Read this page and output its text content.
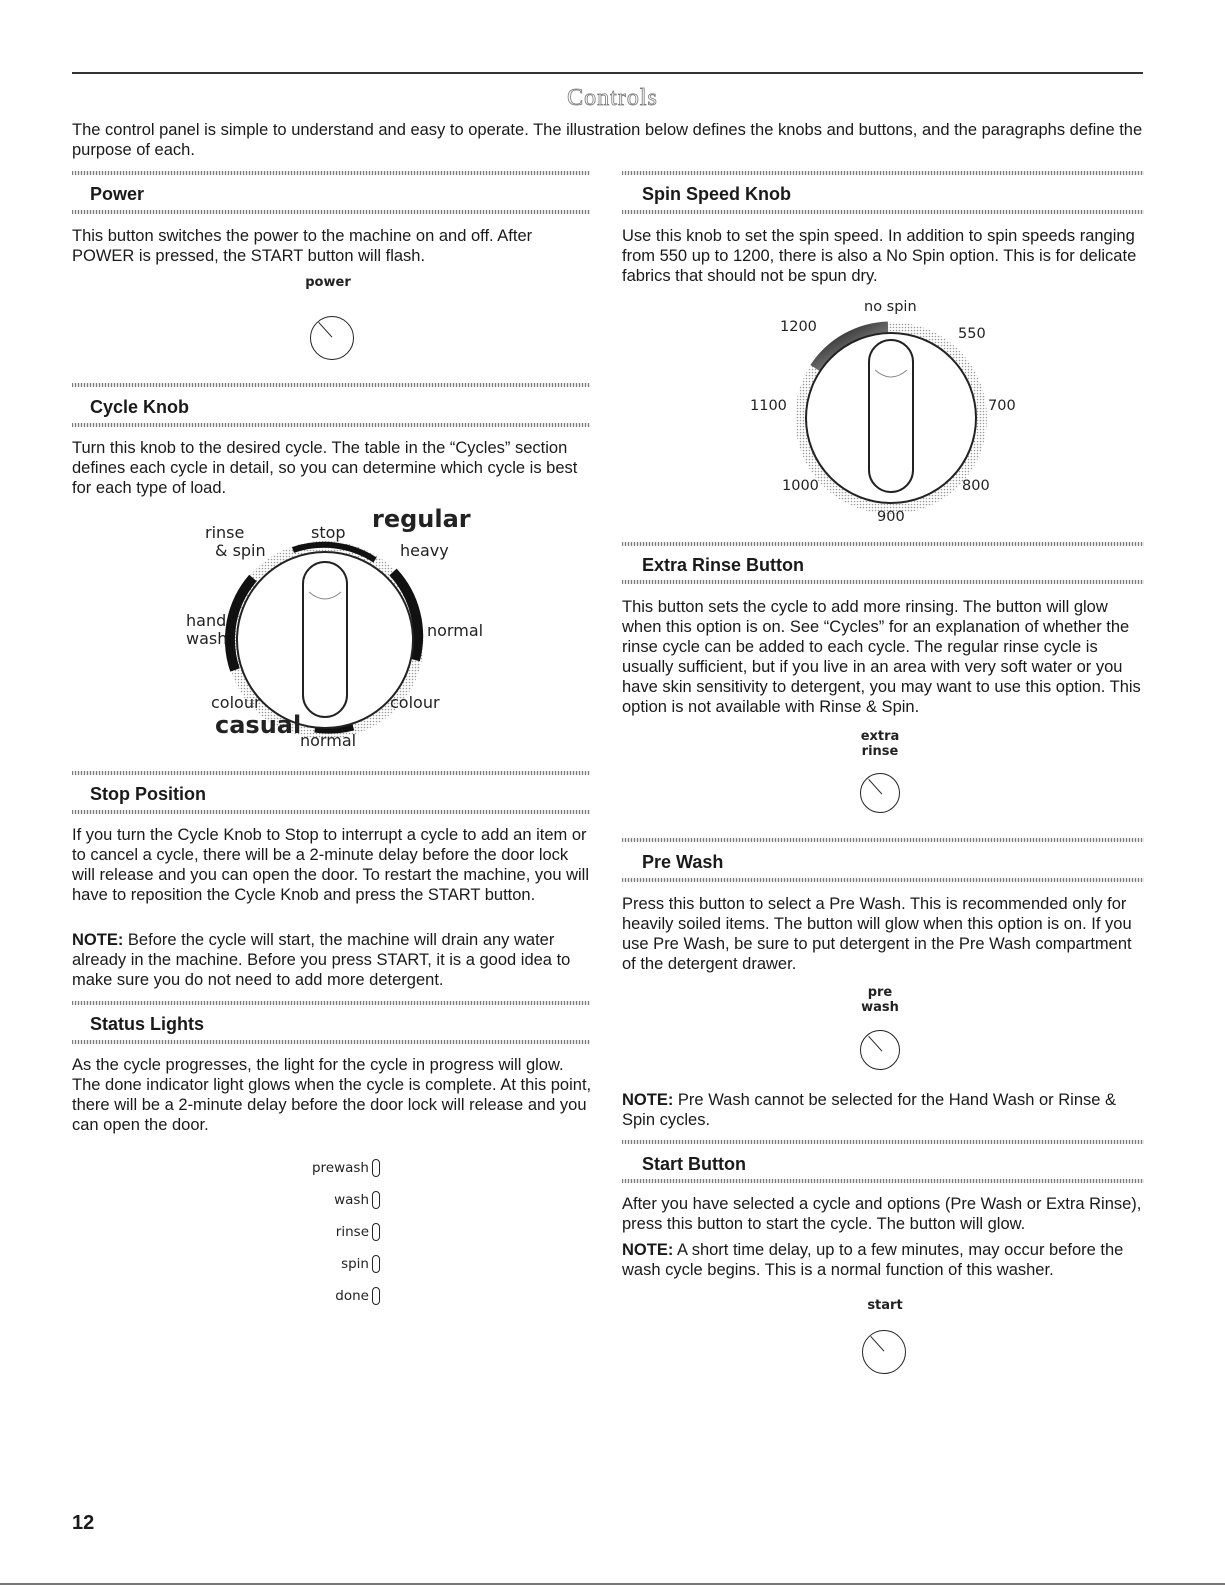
Controls
The control panel is simple to understand and easy to operate. The illustration below defines the knobs and buttons, and the paragraphs define the purpose of each.
Power
This button switches the power to the machine on and off. After POWER is pressed, the START button will flash.
power
Cycle Knob
Turn this knob to the desired cycle. The table in the “Cycles” section defines each cycle in detail, so you can determine which cycle is best for each type of load.
rinse
& spin
stop regular
heavy
hand
wash	normal
colour	colour
casual
normal
Stop Position
If you turn the Cycle Knob to Stop to interrupt a cycle to add an item or to cancel a cycle, there will be a 2-minute delay before the door lock will release and you can open the door. To restart the machine, you will have to reposition the Cycle Knob and press the START button.
NOTE: Before the cycle will start, the machine will drain any water already in the machine. Before you press START, it is a good idea to make sure you do not need to add more detergent.
Status Lights
As the cycle progresses, the light for the cycle in progress will glow. The done indicator light glows when the cycle is complete. At this point, there will be a 2-minute delay before the door lock will release and you can open the door.
prewash
wash
rinse
spin
done
Spin Speed Knob
Use this knob to set the spin speed. In addition to spin speeds ranging from 550 up to 1200, there is also a No Spin option. This is for delicate fabrics that should not be spun dry.
no spin
1200	550
1100	700
1000	800
900
Extra Rinse Button
This button sets the cycle to add more rinsing. The button will glow when this option is on. See “Cycles” for an explanation of whether the rinse cycle can be added to each cycle. The regular rinse cycle is usually sufficient, but if you live in an area with very soft water or you have skin sensitivity to detergent, you may want to use this option. This option is not available with Rinse & Spin.
extra
rinse
Pre Wash
Press this button to select a Pre Wash. This is recommended only for heavily soiled items. The button will glow when this option is on. If you use Pre Wash, be sure to put detergent in the Pre Wash compartment of the detergent drawer.
pre
wash
NOTE: Pre Wash cannot be selected for the Hand Wash or Rinse & Spin cycles.
Start Button
After you have selected a cycle and options (Pre Wash or Extra Rinse), press this button to start the cycle. The button will glow.
NOTE: A short time delay, up to a few minutes, may occur before the wash cycle begins. This is a normal function of this washer.
start
12
